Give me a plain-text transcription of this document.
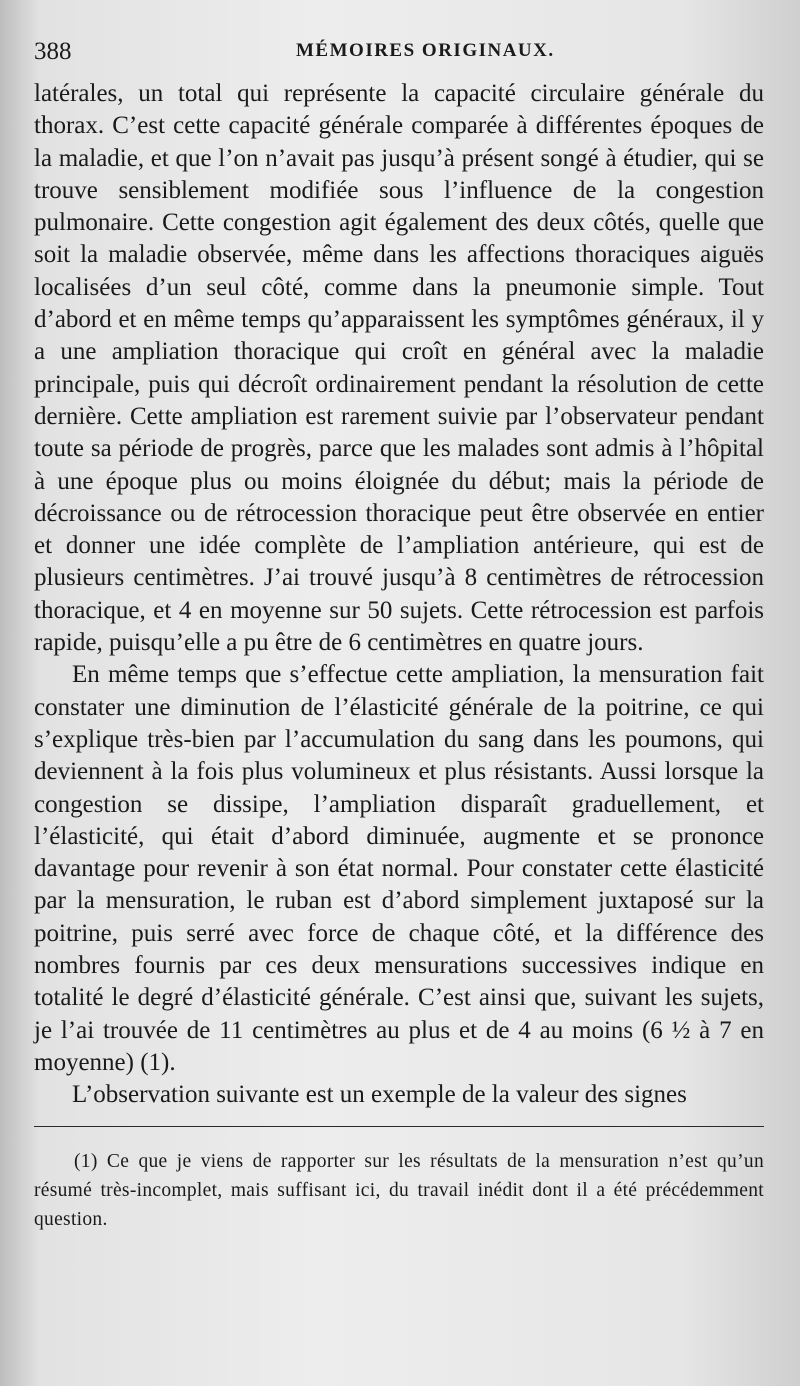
388	MÉMOIRES ORIGINAUX.

latérales, un total qui représente la capacité circulaire générale du thorax. C’est cette capacité générale comparée à différentes époques de la maladie, et que l’on n’avait pas jusqu’à présent songé à étudier, qui se trouve sensiblement modifiée sous l’influence de la congestion pulmonaire. Cette congestion agit également des deux côtés, quelle que soit la maladie observée, même dans les affections thoraciques aiguës localisées d’un seul côté, comme dans la pneumonie simple. Tout d’abord et en même temps qu’apparaissent les symptômes généraux, il y a une ampliation thoracique qui croît en général avec la maladie principale, puis qui décroît ordinairement pendant la résolution de cette dernière. Cette ampliation est rarement suivie par l’observateur pendant toute sa période de progrès, parce que les malades sont admis à l’hôpital à une époque plus ou moins éloignée du début; mais la période de décroissance ou de rétrocession thoracique peut être observée en entier et donner une idée complète de l’ampliation antérieure, qui est de plusieurs centimètres. J’ai trouvé jusqu’à 8 centimètres de rétrocession thoracique, et 4 en moyenne sur 50 sujets. Cette rétrocession est parfois rapide, puisqu’elle a pu être de 6 centimètres en quatre jours.

En même temps que s’effectue cette ampliation, la mensuration fait constater une diminution de l’élasticité générale de la poitrine, ce qui s’explique très-bien par l’accumulation du sang dans les poumons, qui deviennent à la fois plus volumineux et plus résistants. Aussi lorsque la congestion se dissipe, l’ampliation disparaît graduellement, et l’élasticité, qui était d’abord diminuée, augmente et se prononce davantage pour revenir à son état normal. Pour constater cette élasticité par la mensuration, le ruban est d’abord simplement juxtaposé sur la poitrine, puis serré avec force de chaque côté, et la différence des nombres fournis par ces deux mensurations successives indique en totalité le degré d’élasticité générale. C’est ainsi que, suivant les sujets, je l’ai trouvée de 11 centimètres au plus et de 4 au moins (6 ½ à 7 en moyenne) (1).

L’observation suivante est un exemple de la valeur des signes

(1) Ce que je viens de rapporter sur les résultats de la mensuration n’est qu’un résumé très-incomplet, mais suffisant ici, du travail inédit dont il a été précédemment question.
